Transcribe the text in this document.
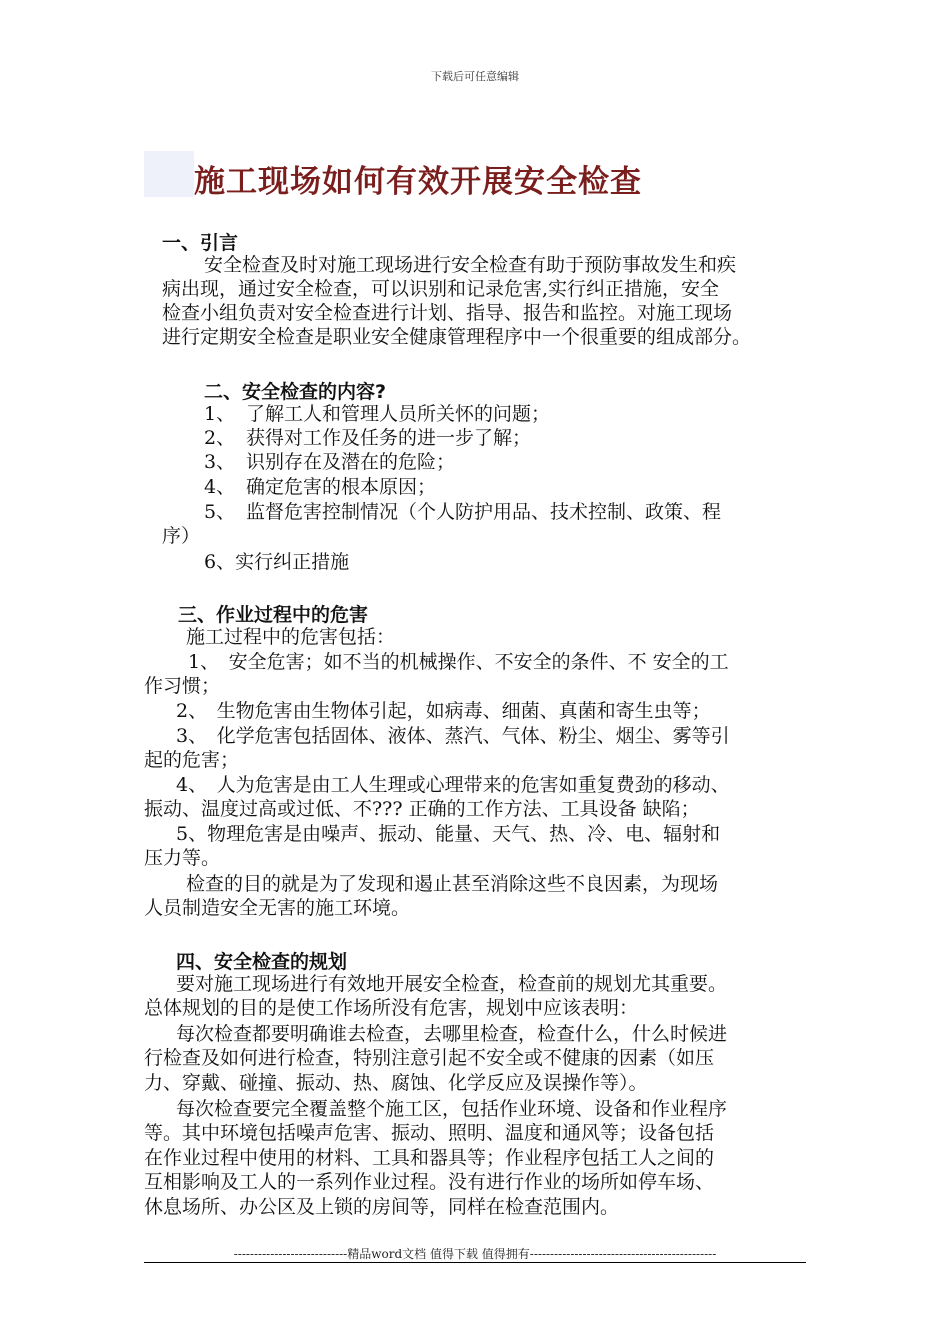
下载后可任意编辑
施工现场如何有效开展安全检查
一、引言
安全检查及时对施工现场进行安全检查有助于预防事故发生和疾
病出现，通过安全检查，可以识别和记录危害,实行纠正措施，安全
检查小组负责对安全检查进行计划、指导、报告和监控。对施工现场
进行定期安全检查是职业安全健康管理程序中一个很重要的组成部分。
二、安全检查的内容?
1、 了解工人和管理人员所关怀的问题；
2、 获得对工作及任务的进一步了解；
3、 识别存在及潜在的危险；
4、 确定危害的根本原因；
5、 监督危害控制情况（个人防护用品、技术控制、政策、程
序）
6、实行纠正措施
三、作业过程中的危害
施工过程中的危害包括：
1、　安全危害；如不当的机械操作、不安全的条件、不 安全的工
作习惯；
2、　生物危害由生物体引起，如病毒、细菌、真菌和寄生虫等；
3、　化学危害包括固体、液体、蒸汽、气体、粉尘、烟尘、雾等引
起的危害；
4、　人为危害是由工人生理或心理带来的危害如重复费劲的移动、
振动、温度过高或过低、不??? 正确的工作方法、工具设备 缺陷；
5、物理危害是由噪声、振动、能量、天气、热、冷、电、辐射和
压力等。
检查的目的就是为了发现和遏止甚至消除这些不良因素，为现场
人员制造安全无害的施工环境。
四、安全检查的规划
要对施工现场进行有效地开展安全检查，检查前的规划尤其重要。
总体规划的目的是使工作场所没有危害，规划中应该表明：
每次检查都要明确谁去检查，去哪里检查，检查什么，什么时候进
行检查及如何进行检查，特别注意引起不安全或不健康的因素（如压
力、穿戴、碰撞、振动、热、腐蚀、化学反应及误操作等）。
每次检查要完全覆盖整个施工区，包括作业环境、设备和作业程序
等。其中环境包括噪声危害、振动、照明、温度和通风等；设备包括
在作业过程中使用的材料、工具和器具等；作业程序包括工人之间的
互相影响及工人的一系列作业过程。没有进行作业的场所如停车场、
休息场所、办公区及上锁的房间等，同样在检查范围内。
----------------------------精品word文档 值得下载 值得拥有----------------------------------------------
